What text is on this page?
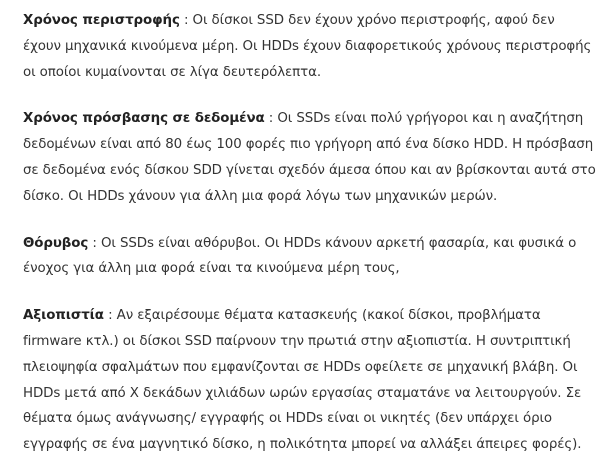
Χρόνος περιστροφής : Οι δίσκοι SSD δεν έχουν χρόνο περιστροφής, αφού δεν έχουν μηχανικά κινούμενα μέρη. Οι HDDs έχουν διαφορετικούς χρόνους περιστροφής οι οποίοι κυμαίνονται σε λίγα δευτερόλεπτα.

Χρόνος πρόσβασης σε δεδομένα : Οι SSDs είναι πολύ γρήγοροι και η αναζήτηση δεδομένων είναι από 80 έως 100 φορές πιο γρήγορη από ένα δίσκο HDD. Η πρόσβαση σε δεδομένα ενός δίσκου SDD γίνεται σχεδόν άμεσα όπου και αν βρίσκονται αυτά στο δίσκο. Οι HDDs χάνουν για άλλη μια φορά λόγω των μηχανικών μερών.

Θόρυβος : Οι SSDs είναι αθόρυβοι. Οι HDDs κάνουν αρκετή φασαρία, και φυσικά ο ένοχος για άλλη μια φορά είναι τα κινούμενα μέρη τους,

Αξιοπιστία : Αν εξαιρέσουμε θέματα κατασκευής (κακοί δίσκοι, προβλήματα firmware κτλ.) οι δίσκοι SSD παίρνουν την πρωτιά στην αξιοπιστία. Η συντριπτική πλειοψηφία σφαλμάτων που εμφανίζονται σε HDDs οφείλετε σε μηχανική βλάβη. Οι HDDs μετά από Χ δεκάδων χιλιάδων ωρών εργασίας σταματάνε να λειτουργούν. Σε θέματα όμως ανάγνωσης/ εγγραφής οι HDDs είναι οι νικητές (δεν υπάρχει όριο εγγραφής σε ένα μαγνητικό δίσκο, η πολικότητα μπορεί να αλλάξει άπειρες φορές).
